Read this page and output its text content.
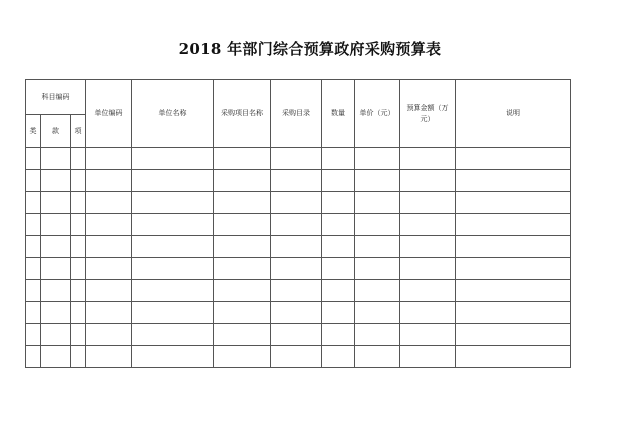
2018 年部门综合预算政府采购预算表
科目编码			单位编码	单位名称	采购项目名称	采购目录	数量	单价（元）	预算金额（万元）	说明
类	款	项								
